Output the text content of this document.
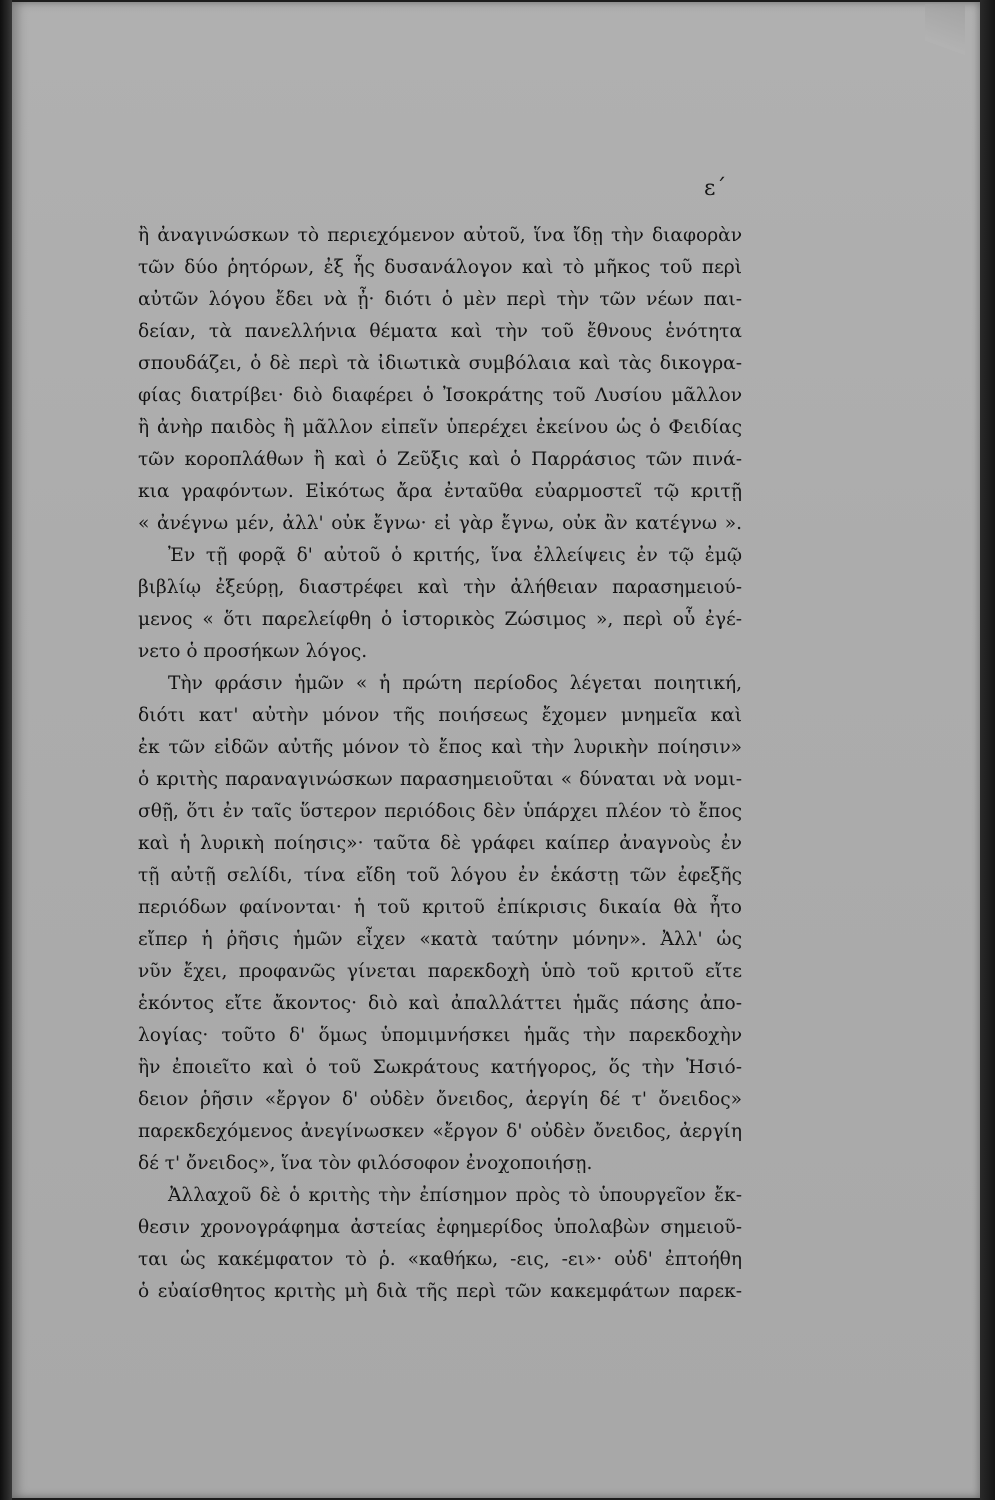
ε΄
ἢ ἀναγινώσκων τὸ περιεχόμενον αὐτοῦ, ἵνα ἴδῃ τὴν διαφορὰν
τῶν δύο ῥητόρων, ἐξ ἧς δυσανάλογον καὶ τὸ μῆκος τοῦ περὶ
αὐτῶν λόγου ἔδει νὰ ᾖ· διότι ὁ μὲν περὶ τὴν τῶν νέων παι-
δείαν, τὰ πανελλήνια θέματα καὶ τὴν τοῦ ἔθνους ἑνότητα
σπουδάζει, ὁ δὲ περὶ τὰ ἰδιωτικὰ συμβόλαια καὶ τὰς δικογρα-
φίας διατρίβει· διὸ διαφέρει ὁ Ἰσοκράτης τοῦ Λυσίου μᾶλλον
ἢ ἀνὴρ παιδὸς ἢ μᾶλλον εἰπεῖν ὑπερέχει ἐκείνου ὡς ὁ Φειδίας
τῶν κοροπλάθων ἢ καὶ ὁ Ζεῦξις καὶ ὁ Παρράσιος τῶν πινά-
κια γραφόντων. Εἰκότως ἄρα ἐνταῦθα εὐαρμοστεῖ τῷ κριτῇ
« ἀνέγνω μέν, ἀλλ' οὐκ ἔγνω· εἰ γὰρ ἔγνω, οὐκ ἂν κατέγνω ».
Ἐν τῇ φορᾷ δ' αὐτοῦ ὁ κριτής, ἵνα ἐλλείψεις ἐν τῷ ἐμῷ
βιβλίῳ ἐξεύρῃ, διαστρέφει καὶ τὴν ἀλήθειαν παρασημειού-
μενος « ὅτι παρελείφθη ὁ ἱστορικὸς Ζώσιμος », περὶ οὗ ἐγέ-
νετο ὁ προσήκων λόγος.
Τὴν φράσιν ἡμῶν « ἡ πρώτη περίοδος λέγεται ποιητική,
διότι κατ' αὐτὴν μόνον τῆς ποιήσεως ἔχομεν μνημεῖα καὶ
ἐκ τῶν εἰδῶν αὐτῆς μόνον τὸ ἔπος καὶ τὴν λυρικὴν ποίησιν»
ὁ κριτὴς παραναγινώσκων παρασημειοῦται « δύναται νὰ νομι-
σθῇ, ὅτι ἐν ταῖς ὕστερον περιόδοις δὲν ὑπάρχει πλέον τὸ ἔπος
καὶ ἡ λυρικὴ ποίησις»· ταῦτα δὲ γράφει καίπερ ἀναγνοὺς ἐν
τῇ αὐτῇ σελίδι, τίνα εἴδη τοῦ λόγου ἐν ἑκάστῃ τῶν ἐφεξῆς
περιόδων φαίνονται· ἡ τοῦ κριτοῦ ἐπίκρισις δικαία θὰ ἦτο
εἴπερ ἡ ῥῆσις ἡμῶν εἶχεν «κατὰ ταύτην μόνην». Ἀλλ' ὡς
νῦν ἔχει, προφανῶς γίνεται παρεκδοχὴ ὑπὸ τοῦ κριτοῦ εἴτε
ἑκόντος εἴτε ἄκοντος· διὸ καὶ ἀπαλλάττει ἡμᾶς πάσης ἀπο-
λογίας· τοῦτο δ' ὅμως ὑπομιμνήσκει ἡμᾶς τὴν παρεκδοχὴν
ἣν ἐποιεῖτο καὶ ὁ τοῦ Σωκράτους κατήγορος, ὅς τὴν Ἡσιό-
δειον ῥῆσιν «ἔργον δ' οὐδὲν ὄνειδος, ἀεργίη δέ τ' ὄνειδος»
παρεκδεχόμενος ἀνεγίνωσκεν «ἔργον δ' οὐδὲν ὄνειδος, ἀεργίη
δέ τ' ὄνειδος», ἵνα τὸν φιλόσοφον ἐνοχοποιήσῃ.
Ἀλλαχοῦ δὲ ὁ κριτὴς τὴν ἐπίσημον πρὸς τὸ ὑπουργεῖον ἔκ-
θεσιν χρονογράφημα ἀστείας ἐφημερίδος ὑπολαβὼν σημειοῦ-
ται ὡς κακέμφατον τὸ ῥ. «καθήκω, -εις, -ει»· οὐδ' ἐπτοήθη
ὁ εὐαίσθητος κριτὴς μὴ διὰ τῆς περὶ τῶν κακεμφάτων παρεκ-
